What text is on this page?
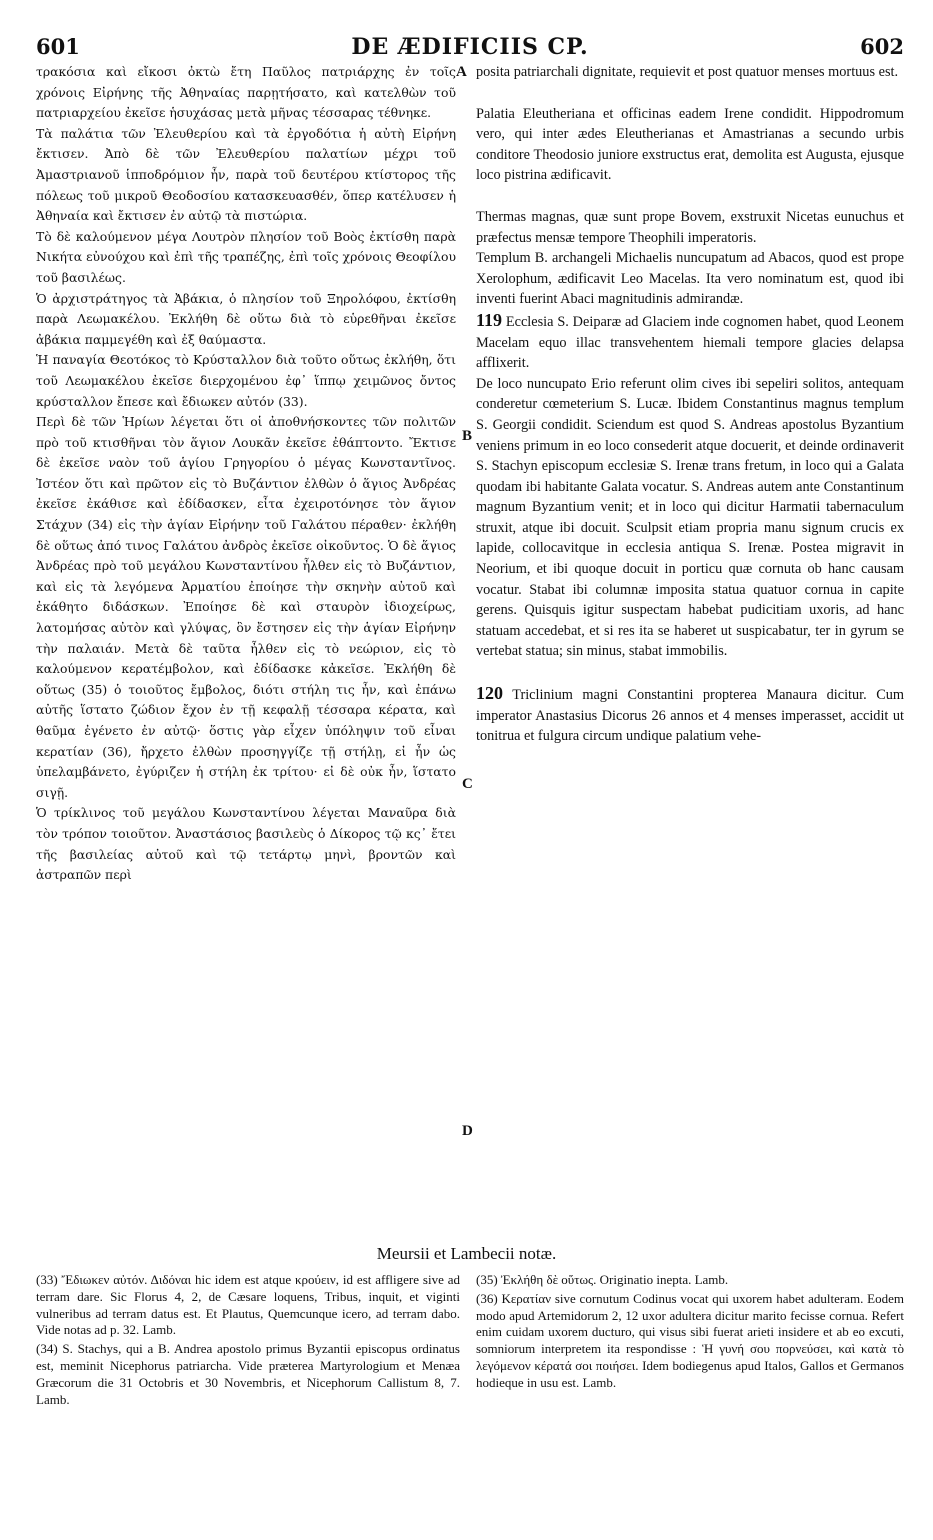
601	DE ÆDIFICIIS CP.	602

τρακόσια καὶ εἴκοσι ὀκτὼ ἔτη Παῦλος πατριάρχης ἐν τοῖς χρόνοις Εἰρήνης τῆς Ἀθηναίας παρῃτήσατο, καὶ κατελθὼν τοῦ πατριαρχείου ἐκεῖσε ἡσυχάσας μετὰ μῆνας τέσσαρας τέθνηκε.

Τὰ παλάτια τῶν Ἐλευθερίου καὶ τὰ ἐργοδότια ἡ αὐτὴ Εἰρήνη ἔκτισεν. Ἀπὸ δὲ τῶν Ἐλευθερίου παλατίων μέχρι τοῦ Ἀμαστριανοῦ ἱπποδρόμιον ἦν, παρὰ τοῦ δευτέρου κτίστορος τῆς πόλεως τοῦ μικροῦ Θεοδοσίου κατασκευασθέν, ὅπερ κατέλυσεν ἡ Ἀθηναία καὶ ἔκτισεν ἐν αὐτῷ τὰ πιστώρια.

Τὸ δὲ καλούμενον μέγα Λουτρὸν πλησίον τοῦ Βοὸς ἐκτίσθη παρὰ Νικήτα εὐνούχου καὶ ἐπὶ τῆς τραπέζης, ἐπὶ τοῖς χρόνοις Θεοφίλου τοῦ βασιλέως.

Ὁ ἀρχιστράτηγος τὰ Ἀβάκια, ὁ πλησίον τοῦ Ξηρολόφου, ἐκτίσθη παρὰ Λεωμακέλου. Ἐκλήθη δὲ οὕτω διὰ τὸ εὑρεθῆναι ἐκεῖσε ἀβάκια παμμεγέθη καὶ ἐξ θαύμαστα.

Ἡ παναγία Θεοτόκος τὸ Κρύσταλλον διὰ τοῦτο οὕτως ἐκλήθη, ὅτι τοῦ Λεωμακέλου ἐκεῖσε διερχομένου ἐφ᾽ ἵππῳ χειμῶνος ὄντος κρύσταλλον ἔπεσε καὶ ἔδιωκεν αὐτόν (33).

Περὶ δὲ τῶν Ἡρίων λέγεται ὅτι οἱ ἀποθνήσκοντες τῶν πολιτῶν πρὸ τοῦ κτισθῆναι τὸν ἅγιον Λουκᾶν ἐκεῖσε ἐθάπτοντο. Ἔκτισε δὲ ἐκεῖσε ναὸν τοῦ ἁγίου Γρηγορίου ὁ μέγας Κωνσταντῖνος. Ἰστέον ὅτι καὶ πρῶτον εἰς τὸ Βυζάντιον ἐλθὼν ὁ ἅγιος Ἀνδρέας ἐκεῖσε ἐκάθισε καὶ ἐδίδασκεν, εἶτα ἐχειροτόνησε τὸν ἅγιον Στάχυν (34) εἰς τὴν ἁγίαν Εἰρήνην τοῦ Γαλάτου πέραθεν· ἐκλήθη δὲ οὕτως ἀπό τινος Γαλάτου ἀνδρὸς ἐκεῖσε οἰκοῦντος. Ὁ δὲ ἅγιος Ἀνδρέας πρὸ τοῦ μεγάλου Κωνσταντίνου ἦλθεν εἰς τὸ Βυζάντιον, καὶ εἰς τὰ λεγόμενα Ἀρματίου ἐποίησε τὴν σκηνὴν αὐτοῦ καὶ ἐκάθητο διδάσκων. Ἐποίησε δὲ καὶ σταυρὸν ἰδιοχείρως, λατομήσας αὐτὸν καὶ γλύψας, ὃν ἔστησεν εἰς τὴν ἁγίαν Εἰρήνην τὴν παλαιάν. Μετὰ δὲ ταῦτα ἦλθεν εἰς τὸ νεώριον, εἰς τὸ καλούμενον κερατέμβολον, καὶ ἐδίδασκε κἀκεῖσε. Ἐκλήθη δὲ οὕτως (35) ὁ τοιοῦτος ἔμβολος, διότι στήλη τις ἦν, καὶ ἐπάνω αὐτῆς ἵστατο ζώδιον ἔχον ἐν τῇ κεφαλῇ τέσσαρα κέρατα, καὶ θαῦμα ἐγένετο ἐν αὐτῷ· ὅστις γὰρ εἶχεν ὑπόληψιν τοῦ εἶναι κερατίαν (36), ἤρχετο ἐλθὼν προσηγγίζε τῇ στήλῃ, εἰ ἦν ὡς ὑπελαμβάνετο, ἐγύριζεν ἡ στήλη ἐκ τρίτου· εἰ δὲ οὐκ ἦν, ἵστατο σιγῇ.

Ὁ τρίκλινος τοῦ μεγάλου Κωνσταντίνου λέγεται Μαναῦρα διὰ τὸν τρόπον τοιοῦτον. Ἀναστάσιος βασιλεὺς ὁ Δίκορος τῷ κς᾽ ἔτει τῆς βασιλείας αὐτοῦ καὶ τῷ τετάρτῳ μηνὶ, βροντῶν καὶ ἀστραπῶν περὶ

A
B
C
D

posita patriarchali dignitate, requievit et post quatuor menses mortuus est.

Palatia Eleutheriana et officinas eadem Irene condidit. Hippodromum vero, qui inter ædes Eleutherianas et Amastrianas a secundo urbis conditore Theodosio juniore exstructus erat, demolita est Augusta, ejusque loco pistrina ædificavit.

Thermas magnas, quæ sunt prope Bovem, exstruxit Nicetas eunuchus et præfectus mensæ tempore Theophili imperatoris.

Templum B. archangeli Michaelis nuncupatum ad Abacos, quod est prope Xerolophum, ædificavit Leo Macelas. Ita vero nominatum est, quod ibi inventi fuerint Abaci magnitudinis admirandæ.

119 Ecclesia S. Deiparæ ad Glaciem inde cognomen habet, quod Leonem Macelam equo illac transvehentem hiemali tempore glacies delapsa afflixerit.

De loco nuncupato Erio referunt olim cives ibi sepeliri solitos, antequam conderetur cœmeterium S. Lucæ. Ibidem Constantinus magnus templum S. Georgii condidit. Sciendum est quod S. Andreas apostolus Byzantium veniens primum in eo loco consederit atque docuerit, et deinde ordinaverit S. Stachyn episcopum ecclesiæ S. Irenæ trans fretum, in loco qui a Galata quodam ibi habitante Galata vocatur. S. Andreas autem ante Constantinum magnum Byzantium venit; et in loco qui dicitur Harmatii tabernaculum struxit, atque ibi docuit. Sculpsit etiam propria manu signum crucis ex lapide, collocavitque in ecclesia antiqua S. Irenæ. Postea migravit in Neorium, et ibi quoque docuit in porticu quæ cornuta ob hanc causam vocatur. Stabat ibi columnæ imposita statua quatuor cornua in capite gerens. Quisquis igitur suspectam habebat pudicitiam uxoris, ad hanc statuam accedebat, et si res ita se haberet ut suspicabatur, ter in gyrum se vertebat statua; sin minus, stabat immobilis.

120 Triclinium magni Constantini propterea Manaura dicitur. Cum imperator Anastasius Dicorus 26 annos et 4 menses imperasset, accidit ut tonitrua et fulgura circum undique palatium vehe-

Meursii et Lambecii notæ.

(33) Ἔδιωκεν αὐτόν. Διδόναι hic idem est atque κρούειν, id est affligere sive ad terram dare. Sic Florus 4, 2, de Cæsare loquens, Tribus, inquit, et viginti vulneribus ad terram datus est. Et Plautus, Quemcunque icero, ad terram dabo. Vide notas ad p. 32. Lamb.

(34) S. Stachys, qui a B. Andrea apostolo primus Byzantii episcopus ordinatus est, meminit Nicephorus patriarcha. Vide præterea Martyrologium et Menæa Græcorum die 31 Octobris et 30 Novembris, et Nicephorum Callistum 8, 7. Lamb.

(35) Ἐκλήθη δὲ οὕτως. Originatio inepta. Lamb.

(36) Κερατίαν sive cornutum Codinus vocat qui uxorem habet adulteram. Eodem modo apud Artemidorum 2, 12 uxor adultera dicitur marito fecisse cornua. Refert enim cuidam uxorem ducturo, qui visus sibi fuerat arieti insidere et ab eo excuti, somniorum interpretem ita respondisse : Ἡ γυνή σου πορνεύσει, καὶ κατὰ τὸ λεγόμενον κέρατά σοι ποιήσει. Idem bodiegenus apud Italos, Gallos et Germanos hodieque in usu est. Lamb.
